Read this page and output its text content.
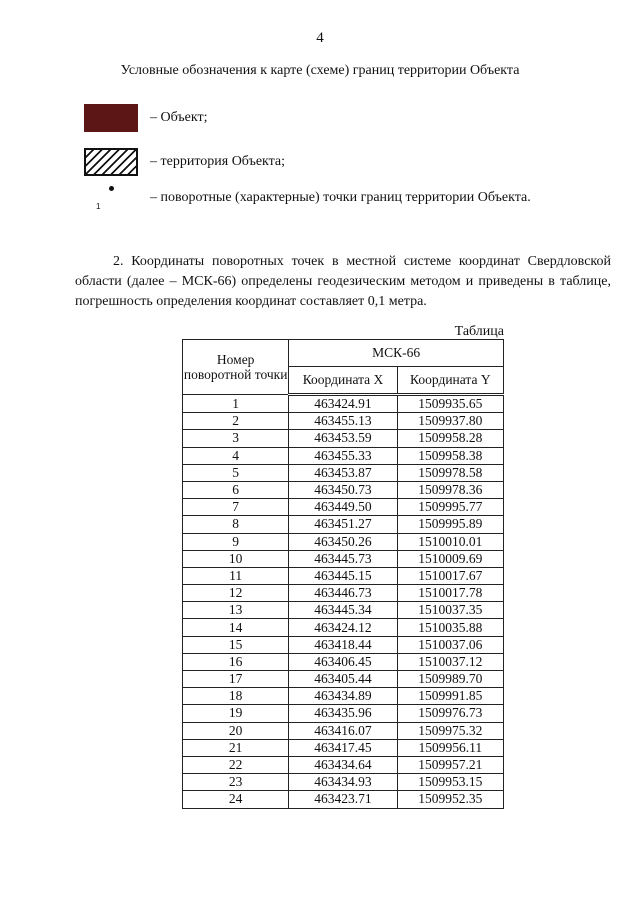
4
Условные обозначения к карте (схеме) границ территории Объекта
– Объект;
– территория Объекта;
1
– поворотные (характерные) точки границ территории Объекта.
2. Координаты поворотных точек в местной системе координат Свердловской области (далее – МСК-66) определены геодезическим методом и приведены в таблице, погрешность определения координат составляет 0,1 метра.
Таблица
Номер поворотной точки	МСК-66	
	Координата X	Координата Y
1	463424.91	1509935.65
2	463455.13	1509937.80
3	463453.59	1509958.28
4	463455.33	1509958.38
5	463453.87	1509978.58
6	463450.73	1509978.36
7	463449.50	1509995.77
8	463451.27	1509995.89
9	463450.26	1510010.01
10	463445.73	1510009.69
11	463445.15	1510017.67
12	463446.73	1510017.78
13	463445.34	1510037.35
14	463424.12	1510035.88
15	463418.44	1510037.06
16	463406.45	1510037.12
17	463405.44	1509989.70
18	463434.89	1509991.85
19	463435.96	1509976.73
20	463416.07	1509975.32
21	463417.45	1509956.11
22	463434.64	1509957.21
23	463434.93	1509953.15
24	463423.71	1509952.35
